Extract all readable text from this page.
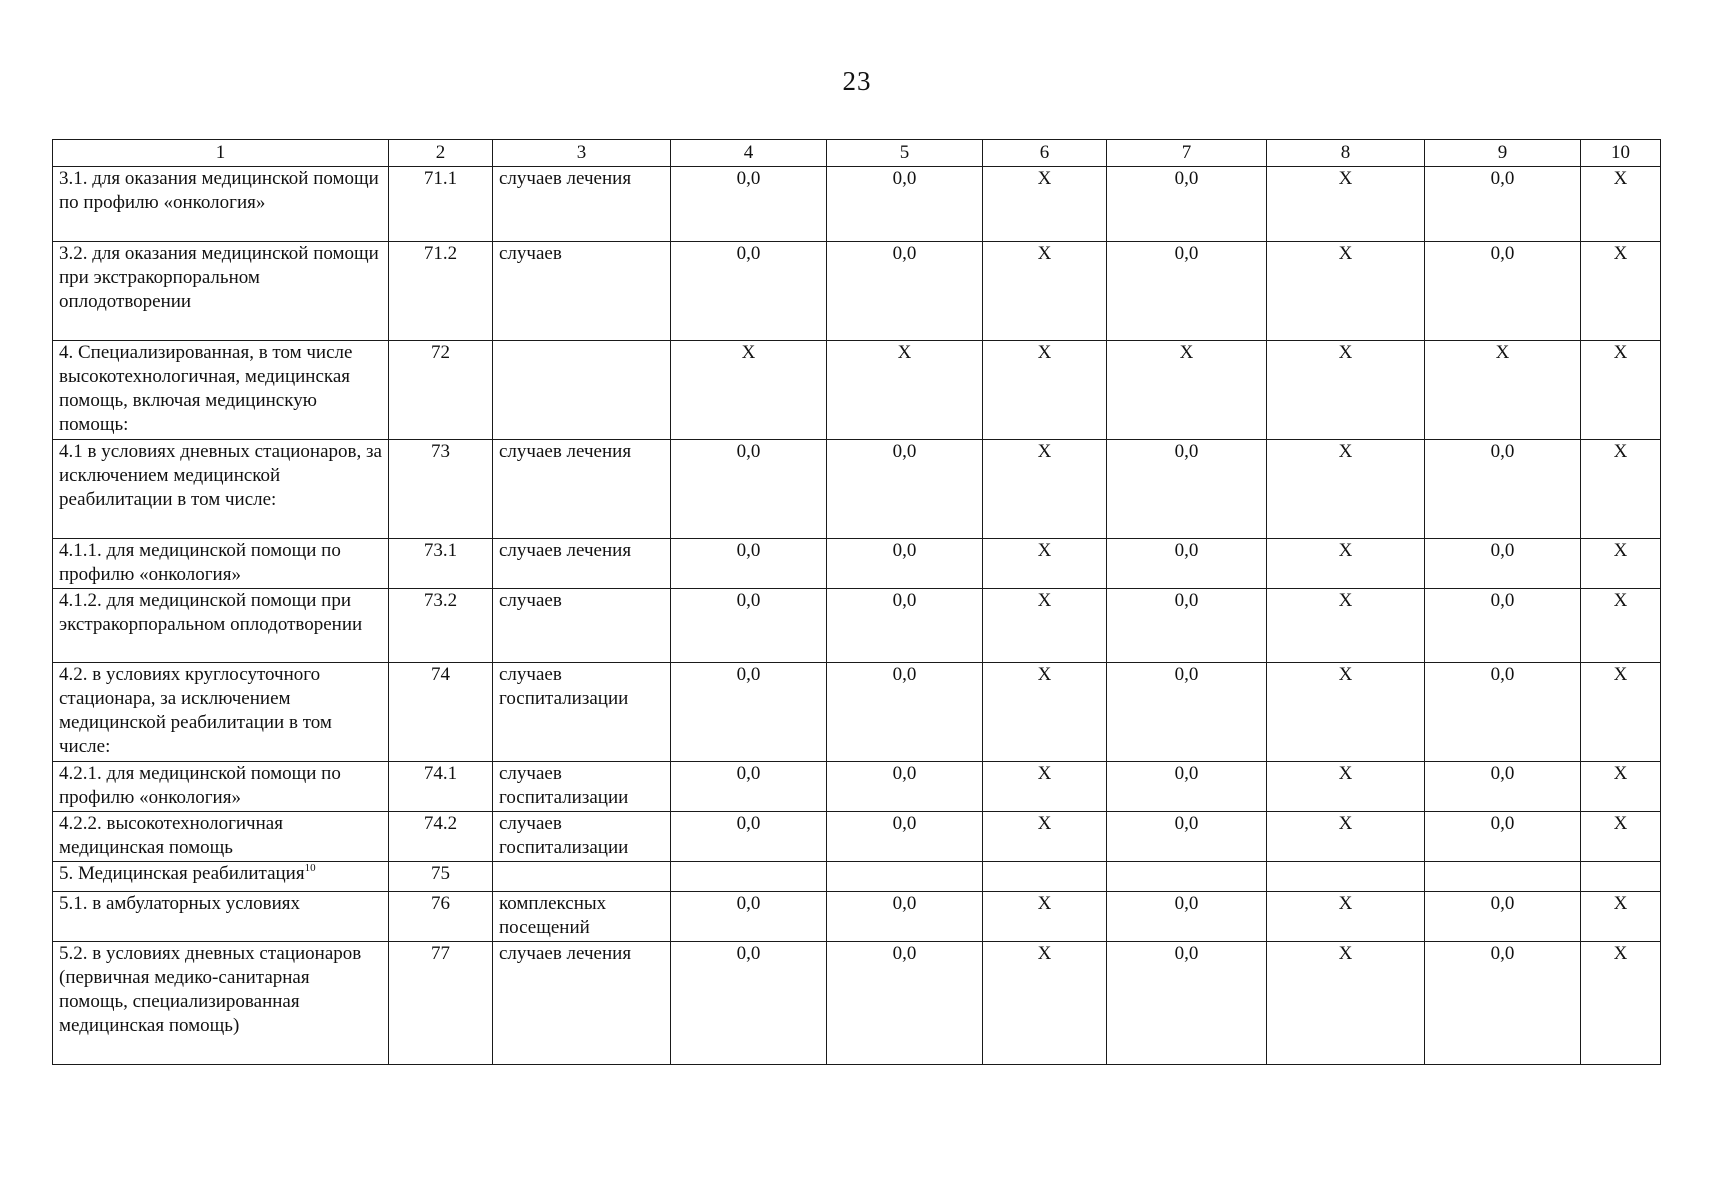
23
1	2	3	4	5	6	7	8	9	10
3.1. для оказания медицинской помощи по профилю «онкология»	71.1	случаев лечения	0,0	0,0	X	0,0	X	0,0	X
3.2. для оказания медицинской помощи при экстракорпоральном оплодотворении	71.2	случаев	0,0	0,0	X	0,0	X	0,0	X
4. Специализированная, в том числе высокотехнологичная, медицинская помощь, включая медицинскую помощь:	72		X	X	X	X	X	X	X
4.1 в условиях дневных стационаров, за исключением медицинской реабилитации в том числе:	73	случаев лечения	0,0	0,0	X	0,0	X	0,0	X
4.1.1. для медицинской помощи по профилю «онкология»	73.1	случаев лечения	0,0	0,0	X	0,0	X	0,0	X
4.1.2. для медицинской помощи при экстракорпоральном оплодотворении	73.2	случаев	0,0	0,0	X	0,0	X	0,0	X
4.2. в условиях круглосуточного стационара, за исключением медицинской реабилитации в том числе:	74	случаев госпитализации	0,0	0,0	X	0,0	X	0,0	X
4.2.1. для медицинской помощи по профилю «онкология»	74.1	случаев госпитализации	0,0	0,0	X	0,0	X	0,0	X
4.2.2. высокотехнологичная медицинская помощь	74.2	случаев госпитализации	0,0	0,0	X	0,0	X	0,0	X
5. Медицинская реабилитация$^{10}$	75								
5.1. в амбулаторных условиях	76	комплексных посещений	0,0	0,0	X	0,0	X	0,0	X
5.2. в условиях дневных стационаров (первичная медико-санитарная помощь, специализированная медицинская помощь)	77	случаев лечения	0,0	0,0	X	0,0	X	0,0	X
